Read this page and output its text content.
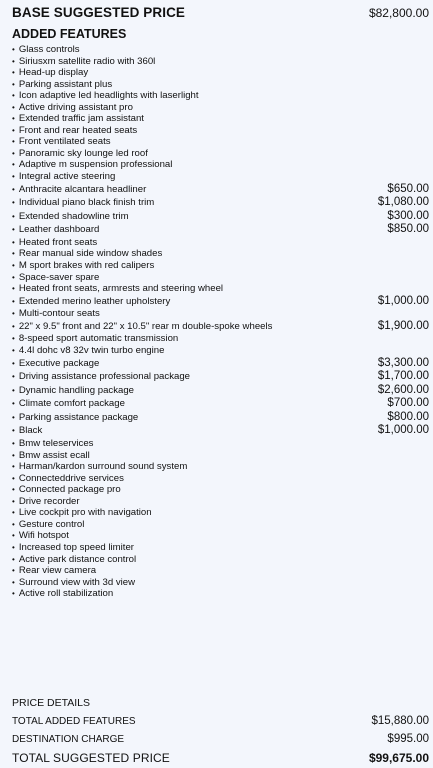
BASE SUGGESTED PRICE	$82,800.00
ADDED FEATURES
• Glass controls
• Siriusxm satellite radio with 360l
• Head-up display
• Parking assistant plus
• Icon adaptive led headlights with laserlight
• Active driving assistant pro
• Extended traffic jam assistant
• Front and rear heated seats
• Front ventilated seats
• Panoramic sky lounge led roof
• Adaptive m suspension professional
• Integral active steering
• Anthracite alcantara headliner	$650.00
• Individual piano black finish trim	$1,080.00
• Extended shadowline trim	$300.00
• Leather dashboard	$850.00
• Heated front seats
• Rear manual side window shades
• M sport brakes with red calipers
• Space-saver spare
• Heated front seats, armrests and steering wheel
• Extended merino leather upholstery	$1,000.00
• Multi-contour seats
• 22" x 9.5" front and 22" x 10.5" rear m double-spoke wheels	$1,900.00
• 8-speed sport automatic transmission
• 4.4l dohc v8 32v twin turbo engine
• Executive package	$3,300.00
• Driving assistance professional package	$1,700.00
• Dynamic handling package	$2,600.00
• Climate comfort package	$700.00
• Parking assistance package	$800.00
• Black	$1,000.00
• Bmw teleservices
• Bmw assist ecall
• Harman/kardon surround sound system
• Connecteddrive services
• Connected package pro
• Drive recorder
• Live cockpit pro with navigation
• Gesture control
• Wifi hotspot
• Increased top speed limiter
• Active park distance control
• Rear view camera
• Surround view with 3d view
• Active roll stabilization
PRICE DETAILS
TOTAL ADDED FEATURES	$15,880.00
DESTINATION CHARGE	$995.00
TOTAL SUGGESTED PRICE	$99,675.00
